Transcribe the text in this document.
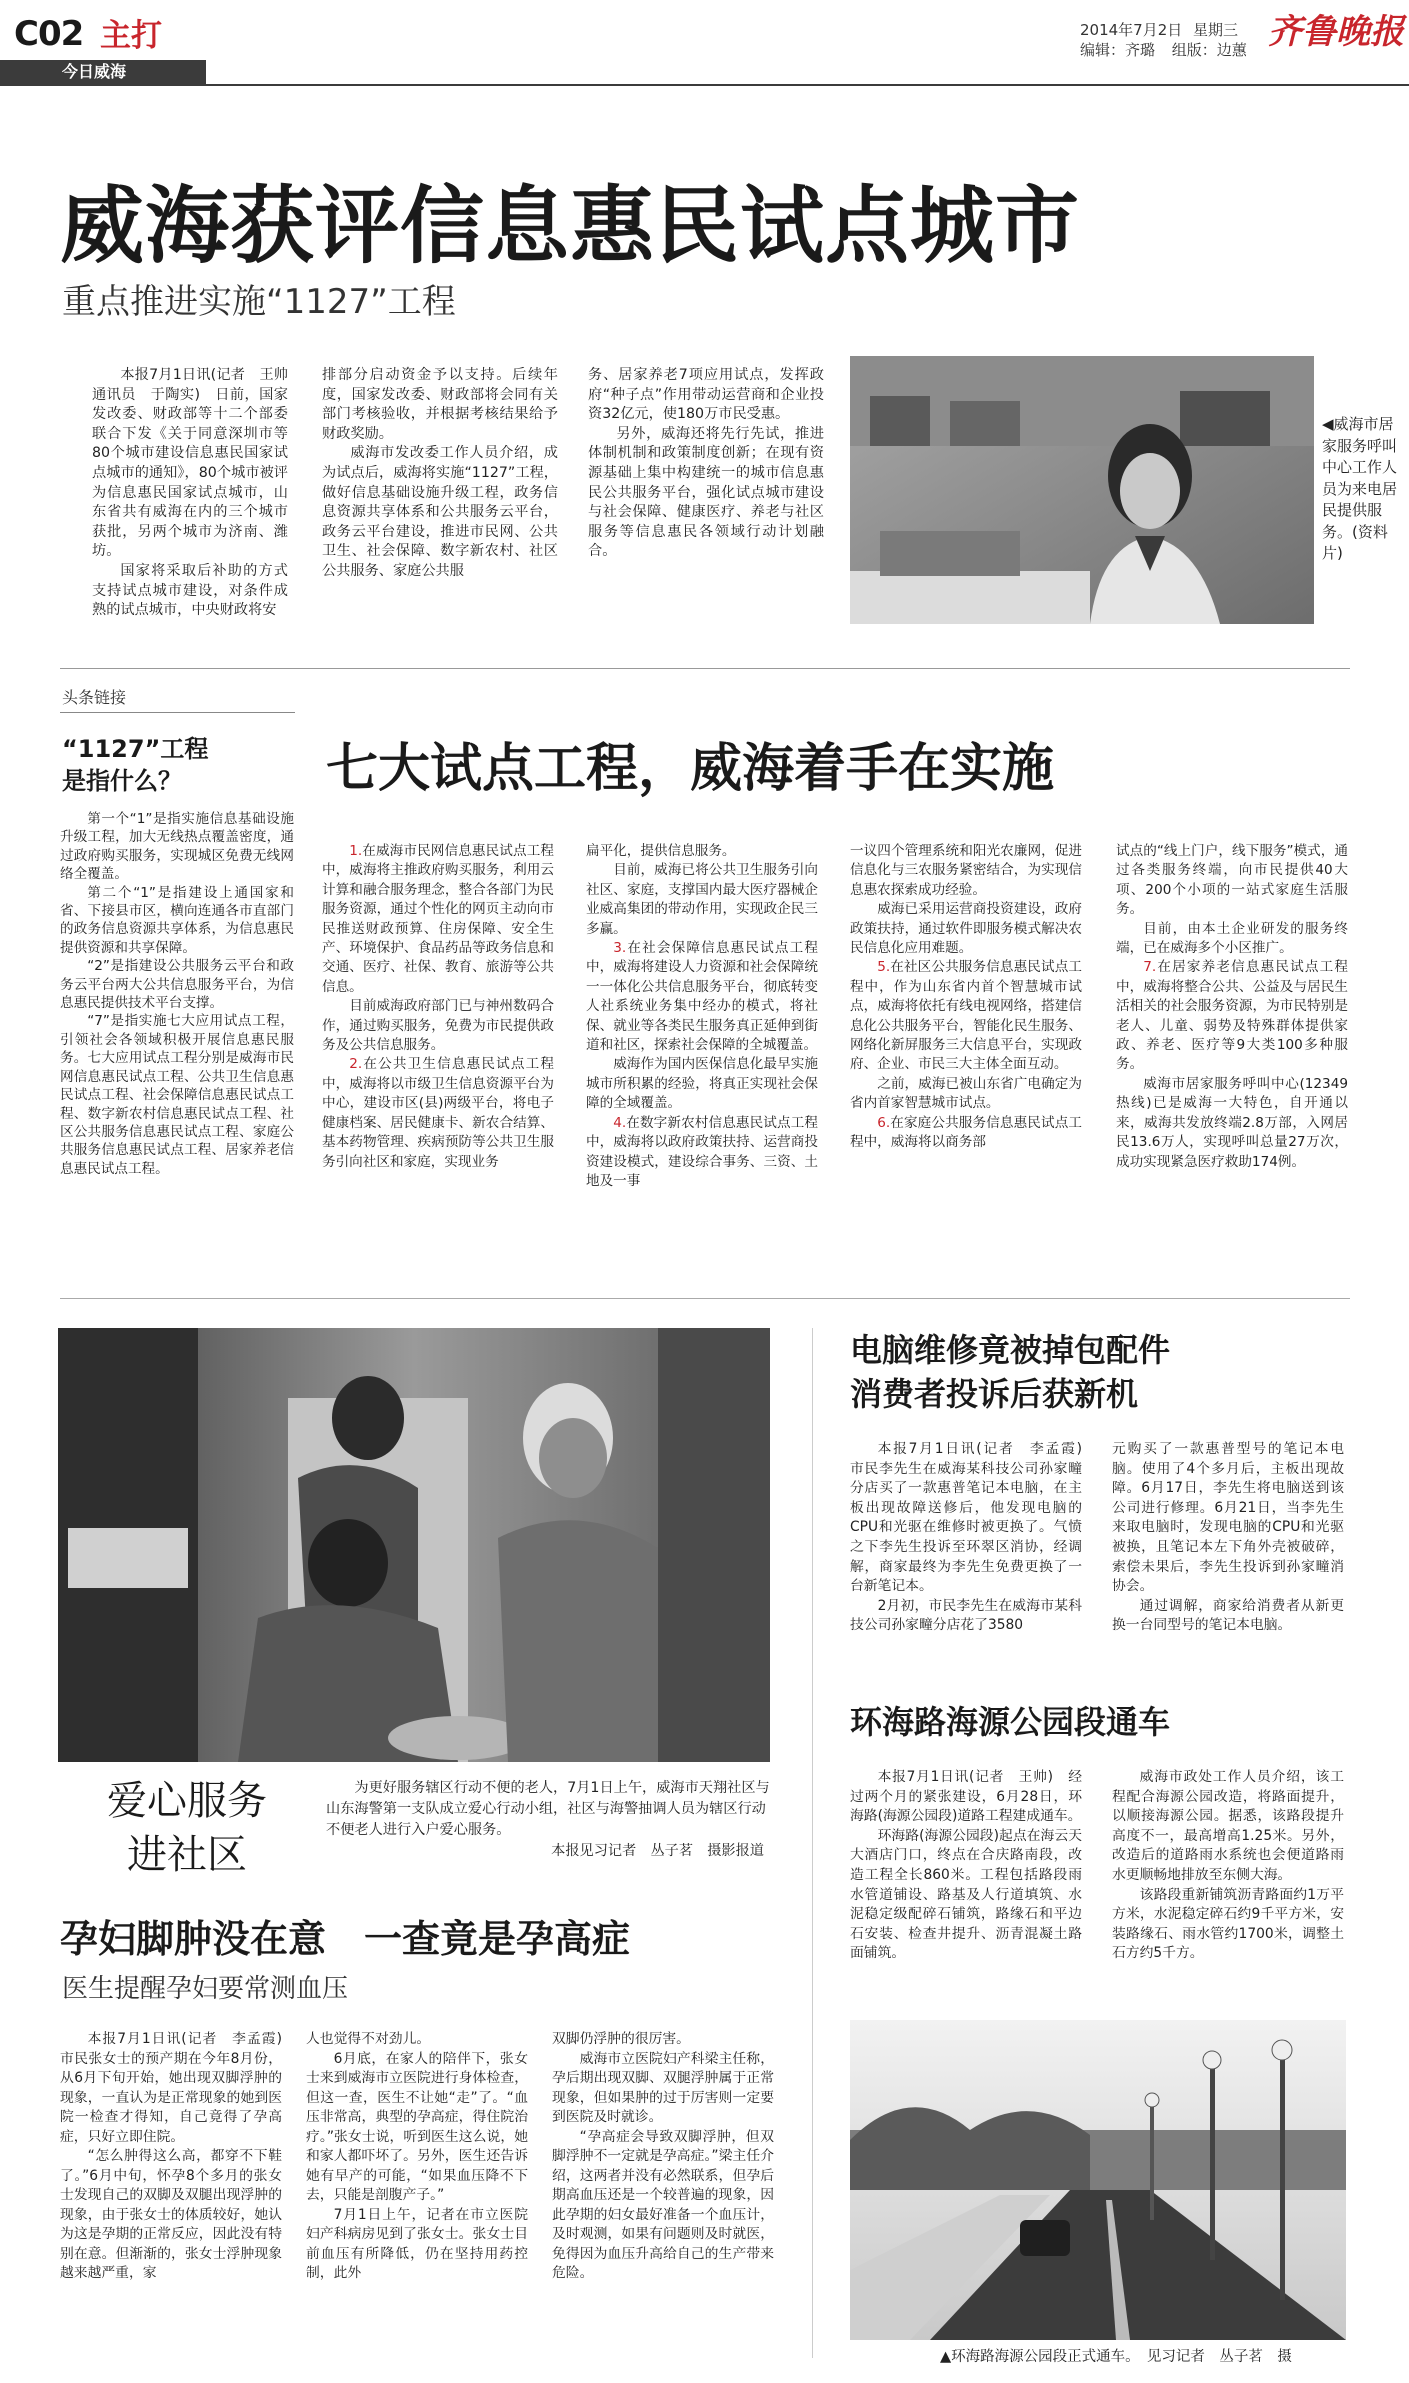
C02 主打
今日威海
2014年7月2日 星期三
编辑：齐璐 组版：边蕙 齐鲁晚报
威海获评信息惠民试点城市
重点推进实施“1127”工程

本报7月1日讯(记者　王帅　通讯员　于陶实)　日前，国家发改委、财政部等十二个部委联合下发《关于同意深圳市等80个城市建设信息惠民国家试点城市的通知》，80个城市被评为信息惠民国家试点城市，山东省共有威海在内的三个城市获批，另两个城市为济南、潍坊。

国家将采取后补助的方式支持试点城市建设，对条件成熟的试点城市，中央财政将安

排部分启动资金予以支持。后续年度，国家发改委、财政部将会同有关部门考核验收，并根据考核结果给予财政奖励。

威海市发改委工作人员介绍，成为试点后，威海将实施“1127”工程，做好信息基础设施升级工程，政务信息资源共享体系和公共服务云平台，政务云平台建设，推进市民网、公共卫生、社会保障、数字新农村、社区公共服务、家庭公共服

务、居家养老7项应用试点，发挥政府“种子点”作用带动运营商和企业投资32亿元，使180万市民受惠。

另外，威海还将先行先试，推进体制机制和政策制度创新；在现有资源基础上集中构建统一的城市信息惠民公共服务平台，强化试点城市建设与社会保障、健康医疗、养老与社区服务等信息惠民各领域行动计划融合。

◀威海市居家服务呼叫中心工作人员为来电居民提供服务。(资料片)
头条链接
“1127”工程
是指什么？

第一个“1”是指实施信息基础设施升级工程，加大无线热点覆盖密度，通过政府购买服务，实现城区免费无线网络全覆盖。

第二个“1”是指建设上通国家和省、下接县市区，横向连通各市直部门的政务信息资源共享体系，为信息惠民提供资源和共享保障。

“2”是指建设公共服务云平台和政务云平台两大公共信息服务平台，为信息惠民提供技术平台支撑。

“7”是指实施七大应用试点工程，引领社会各领域积极开展信息惠民服务。七大应用试点工程分别是威海市民网信息惠民试点工程、公共卫生信息惠民试点工程、社会保障信息惠民试点工程、数字新农村信息惠民试点工程、社区公共服务信息惠民试点工程、家庭公共服务信息惠民试点工程、居家养老信息惠民试点工程。

七大试点工程，威海着手在实施

1.在威海市民网信息惠民试点工程中，威海将主推政府购买服务，利用云计算和融合服务理念，整合各部门为民服务资源，通过个性化的网页主动向市民推送财政预算、住房保障、安全生产、环境保护、食品药品等政务信息和交通、医疗、社保、教育、旅游等公共信息。

目前威海政府部门已与神州数码合作，通过购买服务，免费为市民提供政务及公共信息服务。

2.在公共卫生信息惠民试点工程中，威海将以市级卫生信息资源平台为中心，建设市区(县)两级平台，将电子健康档案、居民健康卡、新农合结算、基本药物管理、疾病预防等公共卫生服务引向社区和家庭，实现业务

扁平化，提供信息服务。

目前，威海已将公共卫生服务引向社区、家庭，支撑国内最大医疗器械企业威高集团的带动作用，实现政企民三多赢。

3.在社会保障信息惠民试点工程中，威海将建设人力资源和社会保障统一一体化公共信息服务平台，彻底转变人社系统业务集中经办的模式，将社保、就业等各类民生服务真正延伸到街道和社区，探索社会保障的全城覆盖。

威海作为国内医保信息化最早实施城市所积累的经验，将真正实现社会保障的全域覆盖。

4.在数字新农村信息惠民试点工程中，威海将以政府政策扶持、运营商投资建设模式，建设综合事务、三资、土地及一事

一议四个管理系统和阳光农廉网，促进信息化与三农服务紧密结合，为实现信息惠农探索成功经验。

威海已采用运营商投资建设，政府政策扶持，通过软件即服务模式解决农民信息化应用难题。

5.在社区公共服务信息惠民试点工程中，作为山东省内首个智慧城市试点，威海将依托有线电视网络，搭建信息化公共服务平台，智能化民生服务、网络化新屏服务三大信息平台，实现政府、企业、市民三大主体全面互动。

之前，威海已被山东省广电确定为省内首家智慧城市试点。

6.在家庭公共服务信息惠民试点工程中，威海将以商务部

试点的“线上门户，线下服务”模式，通过各类服务终端，向市民提供40大项、200个小项的一站式家庭生活服务。

目前，由本土企业研发的服务终端，已在威海多个小区推广。

7.在居家养老信息惠民试点工程中，威海将整合公共、公益及与居民生活相关的社会服务资源，为市民特别是老人、儿童、弱势及特殊群体提供家政、养老、医疗等9大类100多种服务。

威海市居家服务呼叫中心(12349热线)已是威海一大特色，自开通以来，威海共发放终端2.8万部，入网居民13.6万人，实现呼叫总量27万次，成功实现紧急医疗救助174例。

爱心服务
进社区

为更好服务辖区行动不便的老人，7月1日上午，威海市天翔社区与山东海警第一支队成立爱心行动小组，社区与海警抽调人员为辖区行动不便老人进行入户爱心服务。

本报见习记者　丛子茗　摄影报道

电脑维修竟被掉包配件
消费者投诉后获新机

本报7月1日讯(记者　李孟霞)　市民李先生在威海某科技公司孙家疃分店买了一款惠普笔记本电脑，在主板出现故障送修后，他发现电脑的CPU和光驱在维修时被更换了。气愤之下李先生投诉至环翠区消协，经调解，商家最终为李先生免费更换了一台新笔记本。

2月初，市民李先生在威海市某科技公司孙家疃分店花了3580

元购买了一款惠普型号的笔记本电脑。使用了4个多月后，主板出现故障。6月17日，李先生将电脑送到该公司进行修理。6月21日，当李先生来取电脑时，发现电脑的CPU和光驱被换，且笔记本左下角外壳被破碎，索偿未果后，李先生投诉到孙家疃消协会。

通过调解，商家给消费者从新更换一台同型号的笔记本电脑。

环海路海源公园段通车

本报7月1日讯(记者　王帅)　经过两个月的紧张建设，6月28日，环海路(海源公园段)道路工程建成通车。

环海路(海源公园段)起点在海云天大酒店门口，终点在合庆路南段，改造工程全长860米。工程包括路段雨水管道铺设、路基及人行道填筑、水泥稳定级配碎石铺筑，路缘石和平边石安装、检查井提升、沥青混凝土路面铺筑。

威海市政处工作人员介绍，该工程配合海源公园改造，将路面提升，以顺接海源公园。据悉，该路段提升高度不一，最高增高1.25米。另外，改造后的道路雨水系统也会便道路雨水更顺畅地排放至东侧大海。

该路段重新铺筑沥青路面约1万平方米，水泥稳定碎石约9千平方米，安装路缘石、雨水管约1700米，调整土石方约5千方。

▲环海路海源公园段正式通车。　见习记者　丛子茗　摄
孕妇脚肿没在意　一查竟是孕高症
医生提醒孕妇要常测血压

本报7月1日讯(记者　李孟霞)　市民张女士的预产期在今年8月份，从6月下旬开始，她出现双脚浮肿的现象，一直认为是正常现象的她到医院一检查才得知，自己竟得了孕高症，只好立即住院。

“怎么肿得这么高，都穿不下鞋了。”6月中旬，怀孕8个多月的张女士发现自己的双脚及双腿出现浮肿的现象，由于张女士的体质较好，她认为这是孕期的正常反应，因此没有特别在意。但渐渐的，张女士浮肿现象越来越严重，家

人也觉得不对劲儿。

6月底，在家人的陪伴下，张女士来到威海市立医院进行身体检查，但这一查，医生不让她“走”了。“血压非常高，典型的孕高症，得住院治疗。”张女士说，听到医生这么说，她和家人都吓坏了。另外，医生还告诉她有早产的可能，“如果血压降不下去，只能是剖腹产子。”

7月1日上午，记者在市立医院妇产科病房见到了张女士。张女士目前血压有所降低，仍在坚持用药控制，此外

双脚仍浮肿的很厉害。

威海市立医院妇产科梁主任称，孕后期出现双脚、双腿浮肿属于正常现象，但如果肿的过于厉害则一定要到医院及时就诊。

“孕高症会导致双脚浮肿，但双脚浮肿不一定就是孕高症。”梁主任介绍，这两者并没有必然联系，但孕后期高血压还是一个较普遍的现象，因此孕期的妇女最好准备一个血压计，及时观测，如果有问题则及时就医，免得因为血压升高给自己的生产带来危险。
